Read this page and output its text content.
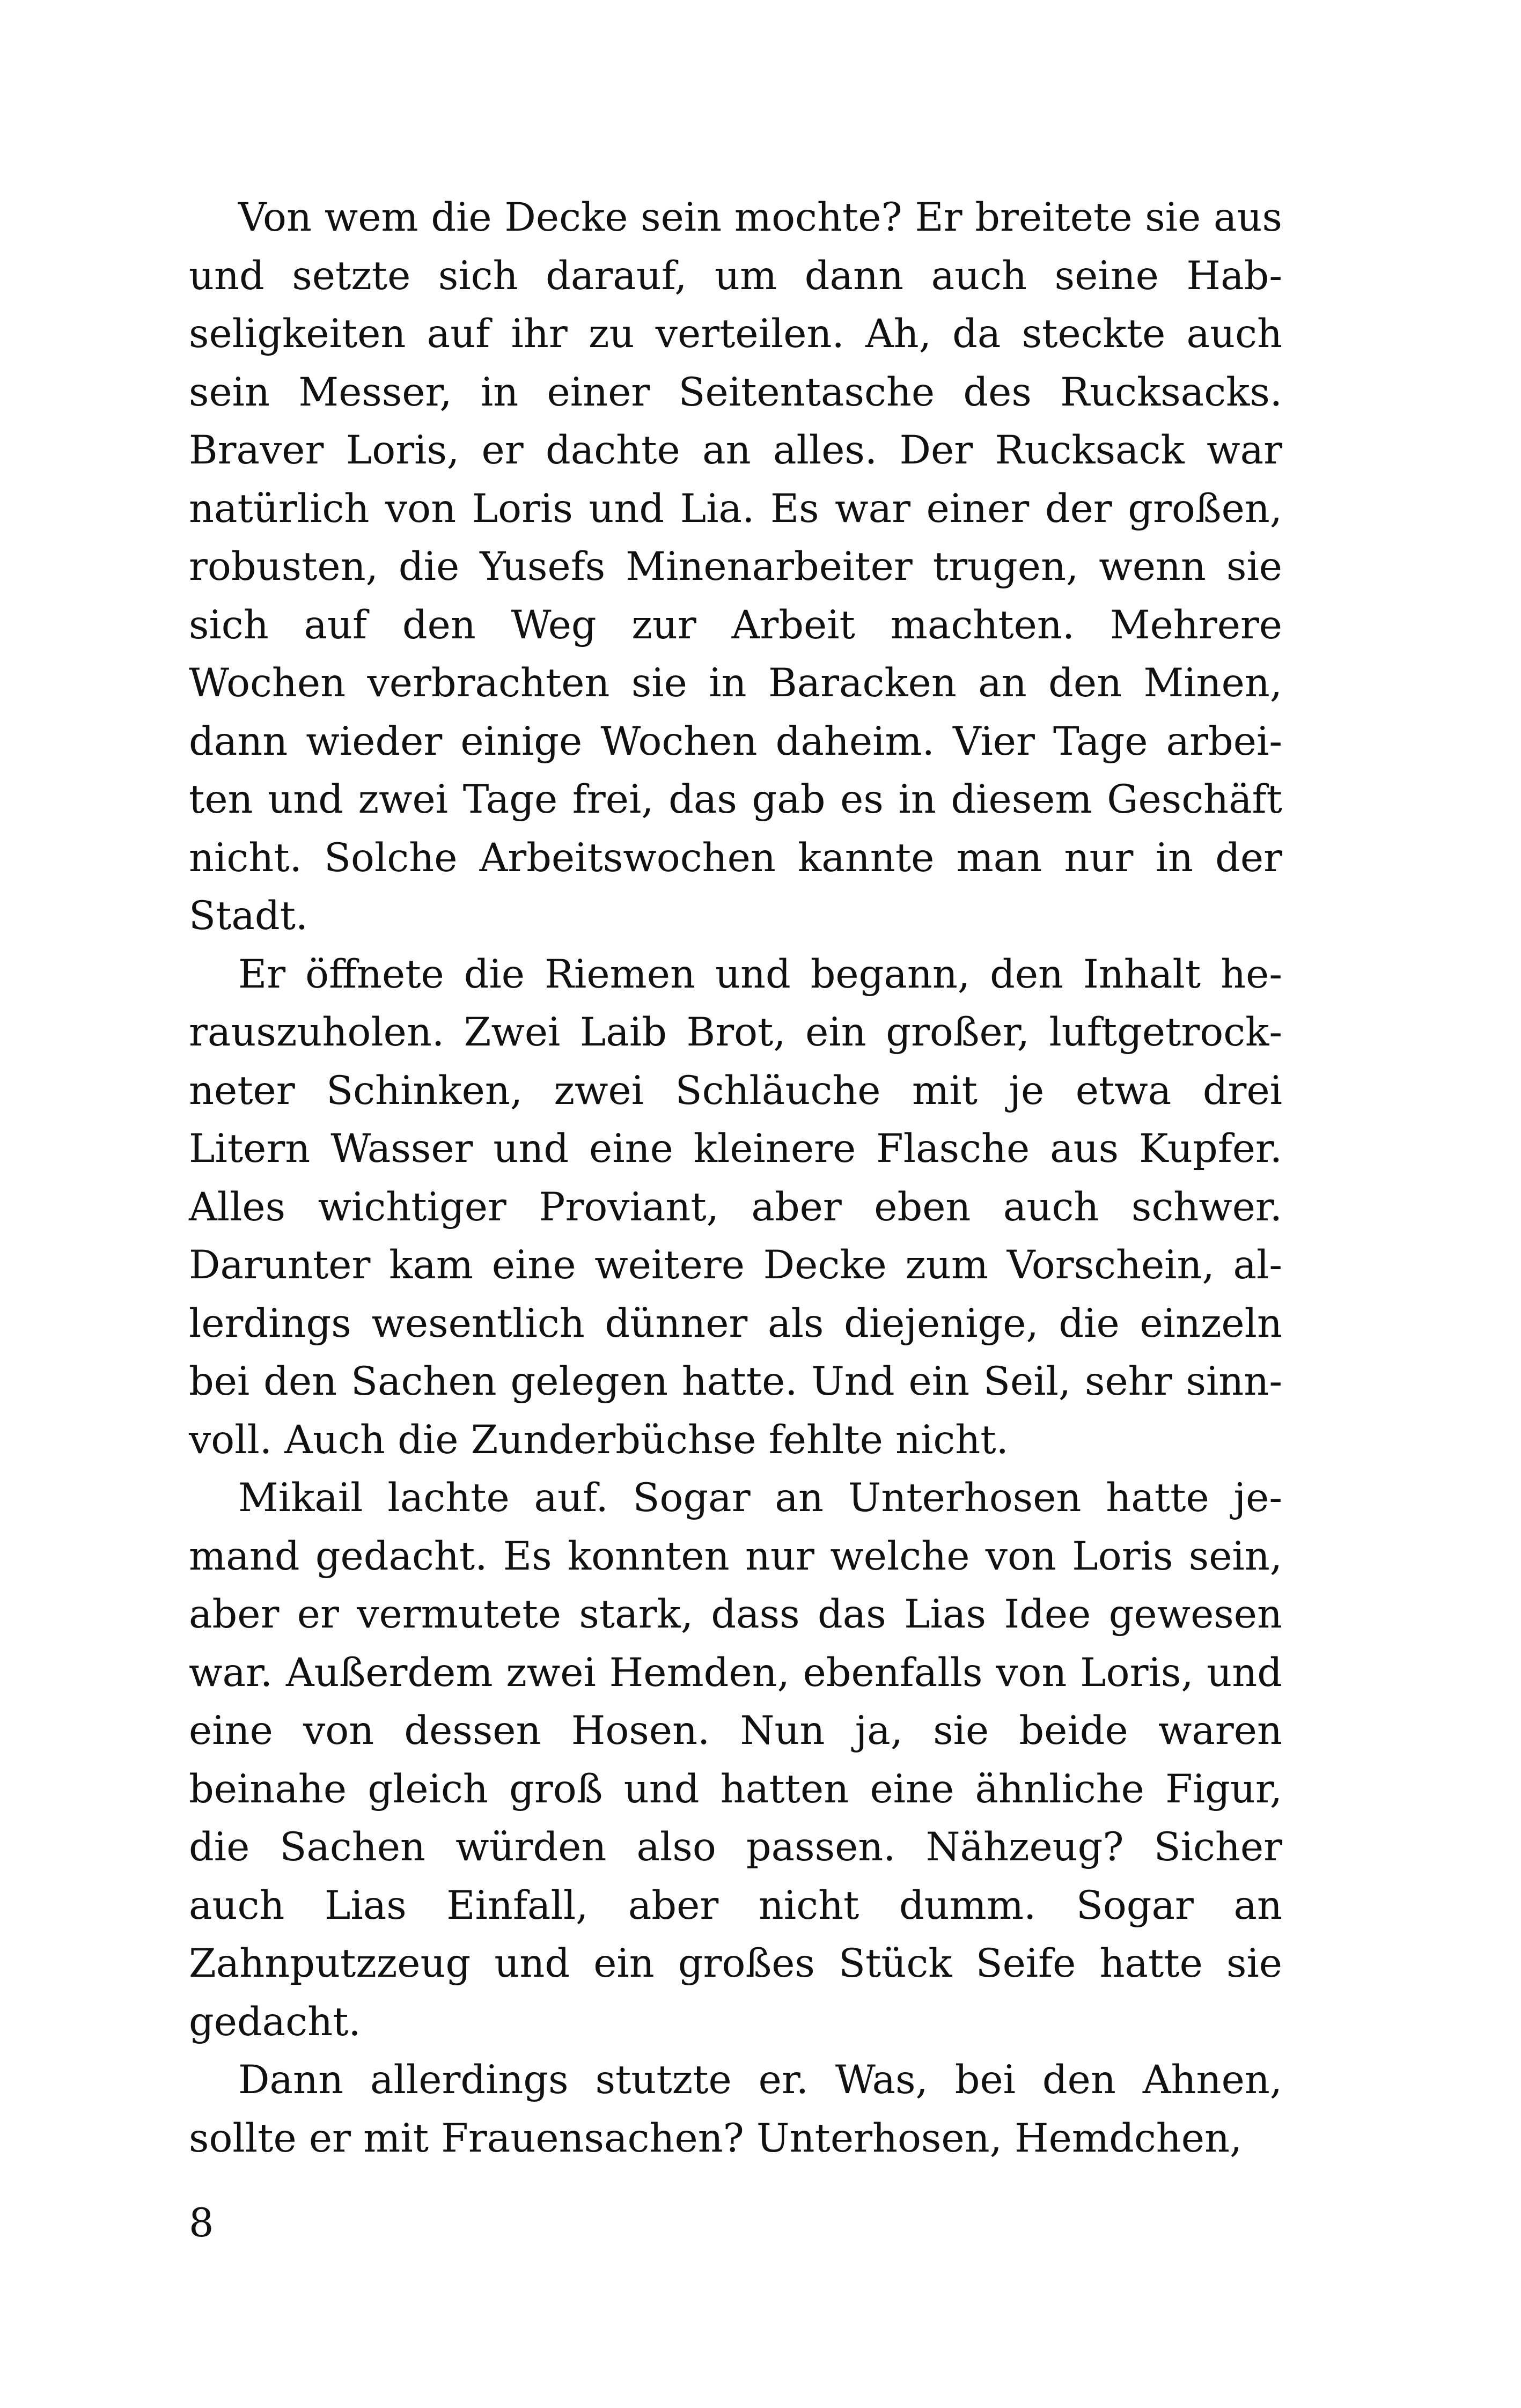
Von wem die Decke sein mochte? Er breitete sie aus und setzte sich darauf, um dann auch seine Habseligkeiten auf ihr zu verteilen. Ah, da steckte auch sein Messer, in einer Seitentasche des Rucksacks. Braver Loris, er dachte an alles. Der Rucksack war natürlich von Loris und Lia. Es war einer der großen, robusten, die Yusefs Minenarbeiter trugen, wenn sie sich auf den Weg zur Arbeit machten. Mehrere Wochen verbrachten sie in Baracken an den Minen, dann wieder einige Wochen daheim. Vier Tage arbeiten und zwei Tage frei, das gab es in diesem Geschäft nicht. Solche Arbeitswochen kannte man nur in der Stadt.

Er öffnete die Riemen und begann, den Inhalt herauszuholen. Zwei Laib Brot, ein großer, luftgetrockneter Schinken, zwei Schläuche mit je etwa drei Litern Wasser und eine kleinere Flasche aus Kupfer. Alles wichtiger Proviant, aber eben auch schwer. Darunter kam eine weitere Decke zum Vorschein, allerdings wesentlich dünner als diejenige, die einzeln bei den Sachen gelegen hatte. Und ein Seil, sehr sinnvoll. Auch die Zunderbüchse fehlte nicht.

Mikail lachte auf. Sogar an Unterhosen hatte jemand gedacht. Es konnten nur welche von Loris sein, aber er vermutete stark, dass das Lias Idee gewesen war. Außerdem zwei Hemden, ebenfalls von Loris, und eine von dessen Hosen. Nun ja, sie beide waren beinahe gleich groß und hatten eine ähnliche Figur, die Sachen würden also passen. Nähzeug? Sicher auch Lias Einfall, aber nicht dumm. Sogar an Zahnputzzeug und ein großes Stück Seife hatte sie gedacht.

Dann allerdings stutzte er. Was, bei den Ahnen, sollte er mit Frauensachen? Unterhosen, Hemdchen,

8
